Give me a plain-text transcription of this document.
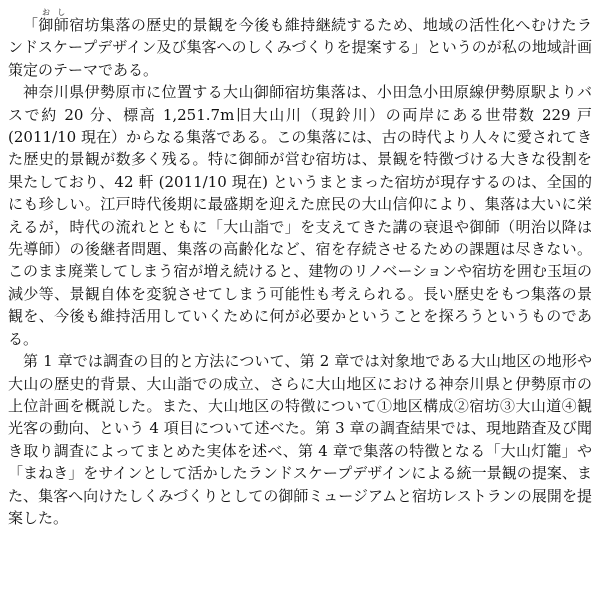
「御師おし宿坊集落の歴史的景観を今後も維持継続するため、地域の活性化へむけたランドスケープデザイン及び集客へのしくみづくりを提案する」というのが私の地域計画策定のテーマである。

神奈川県伊勢原市に位置する大山御師宿坊集落は、小田急小田原線伊勢原駅よりバスで約 20 分、標高 1,251.7m旧大山川（現鈴川）の両岸にある世帯数 229 戸(2011/10 現在）からなる集落である。この集落には、古の時代より人々に愛されてきた歴史的景観が数多く残る。特に御師が営む宿坊は、景観を特徴づける大きな役割を果たしており、42 軒 (2011/10 現在) というまとまった宿坊が現存するのは、全国的にも珍しい。江戸時代後期に最盛期を迎えた庶民の大山信仰により、集落は大いに栄えるが，時代の流れとともに「大山詣で」を支えてきた講の衰退や御師（明治以降は先導師）の後継者問題、集落の高齢化など、宿を存続させるための課題は尽きない。このまま廃業してしまう宿が増え続けると、建物のリノベーションや宿坊を囲む玉垣の減少等、景観自体を変貌させてしまう可能性も考えられる。長い歴史をもつ集落の景観を、今後も維持活用していくために何が必要かということを探ろうというものである。

第 1 章では調査の目的と方法について、第 2 章では対象地である大山地区の地形や大山の歴史的背景、大山詣での成立、さらに大山地区における神奈川県と伊勢原市の上位計画を概説した。また、大山地区の特徴について①地区構成②宿坊③大山道④観光客の動向、という 4 項目について述べた。第 3 章の調査結果では、現地踏査及び聞き取り調査によってまとめた実体を述べ、第 4 章で集落の特徴となる「大山灯籠」や「まねき」をサインとして活かしたランドスケープデザインによる統一景観の提案、また、集客へ向けたしくみづくりとしての御師ミュージアムと宿坊レストランの展開を提案した。
